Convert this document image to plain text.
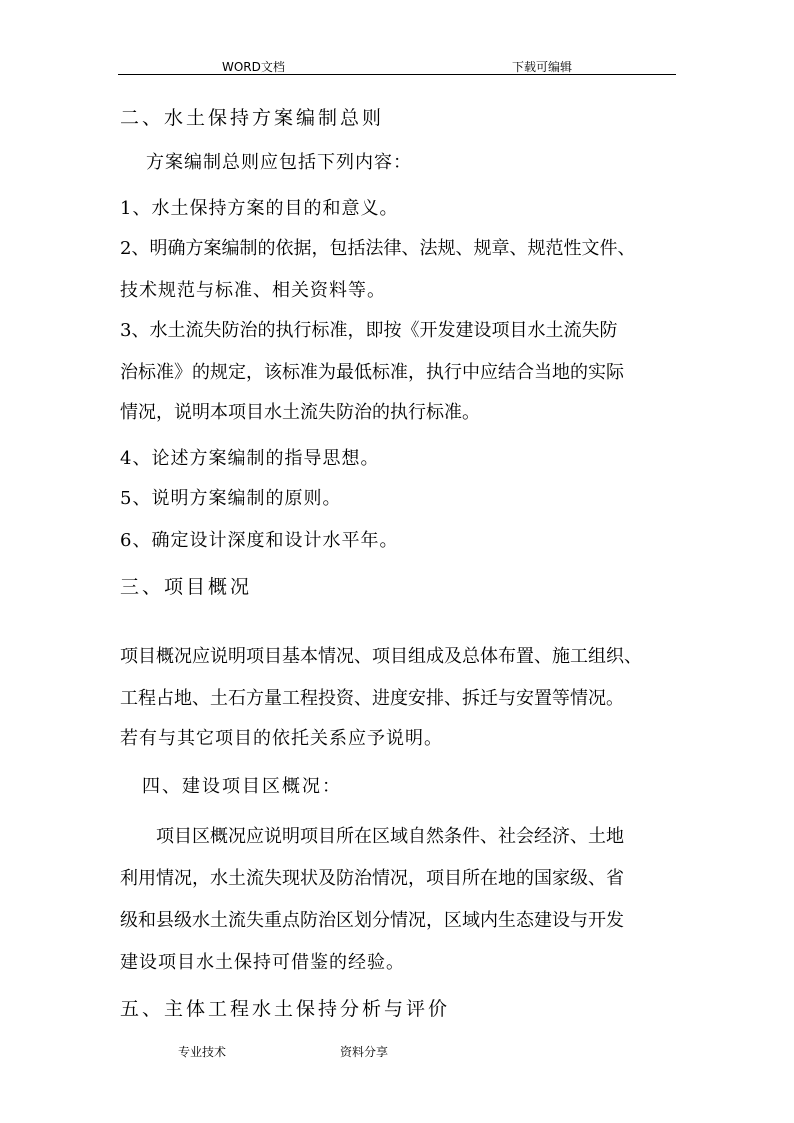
WORD文档	下载可编辑
二、水土保持方案编制总则
方案编制总则应包括下列内容：
1、水土保持方案的目的和意义。
2、明确方案编制的依据，包括法律、法规、规章、规范性文件、
技术规范与标准、相关资料等。
3、水土流失防治的执行标准，即按《开发建设项目水土流失防
治标准》的规定，该标准为最低标准，执行中应结合当地的实际
情况，说明本项目水土流失防治的执行标准。
4、论述方案编制的指导思想。
5、说明方案编制的原则。
6、确定设计深度和设计水平年。
三、项目概况
项目概况应说明项目基本情况、项目组成及总体布置、施工组织、
工程占地、土石方量工程投资、进度安排、拆迁与安置等情况。
若有与其它项目的依托关系应予说明。
四、建设项目区概况：
项目区概况应说明项目所在区域自然条件、社会经济、土地
利用情况，水土流失现状及防治情况，项目所在地的国家级、省
级和县级水土流失重点防治区划分情况，区域内生态建设与开发
建设项目水土保持可借鉴的经验。
五、主体工程水土保持分析与评价
专业技术	资料分享
